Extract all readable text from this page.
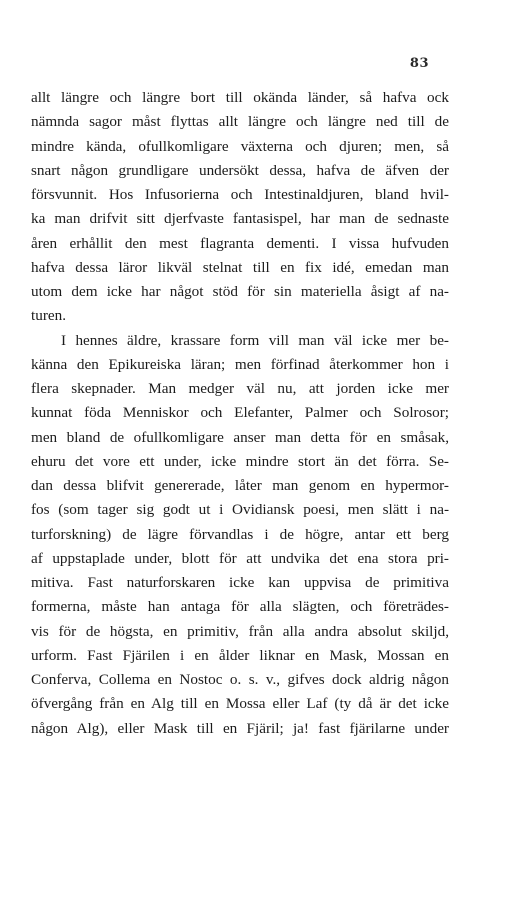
83
allt längre och längre bort till okända länder, så hafva ock
nämnda sagor måst flyttas allt längre och längre ned till de
mindre kända, ofullkomligare växterna och djuren; men, så
snart någon grundligare undersökt dessa, hafva de äfven der
försvunnit. Hos Infusorierna och Intestinaldjuren, bland hvil-
ka man drifvit sitt djerfvaste fantasispel, har man de sednaste
åren erhållit den mest flagranta dementi. I vissa hufvuden
hafva dessa läror likväl stelnat till en fix idé, emedan man
utom dem icke har något stöd för sin materiella åsigt af na-
turen.
I hennes äldre, krassare form vill man väl icke mer be-
känna den Epikureiska läran; men förfinad återkommer hon i
flera skepnader. Man medger väl nu, att jorden icke mer
kunnat föda Menniskor och Elefanter, Palmer och Solrosor;
men bland de ofullkomligare anser man detta för en småsak,
ehuru det vore ett under, icke mindre stort än det förra. Se-
dan dessa blifvit genererade, låter man genom en hypermor-
fos (som tager sig godt ut i Ovidiansk poesi, men slätt i na-
turforskning) de lägre förvandlas i de högre, antar ett berg
af uppstaplade under, blott för att undvika det ena stora pri-
mitiva. Fast naturforskaren icke kan uppvisa de primitiva
formerna, måste han antaga för alla slägten, och företrädes-
vis för de högsta, en primitiv, från alla andra absolut skiljd,
urform. Fast Fjärilen i en ålder liknar en Mask, Mossan en
Conferva, Collema en Nostoc o. s. v., gifves dock aldrig någon
öfvergång från en Alg till en Mossa eller Laf (ty då är det icke
någon Alg), eller Mask till en Fjäril; ja! fast fjärilarne under
